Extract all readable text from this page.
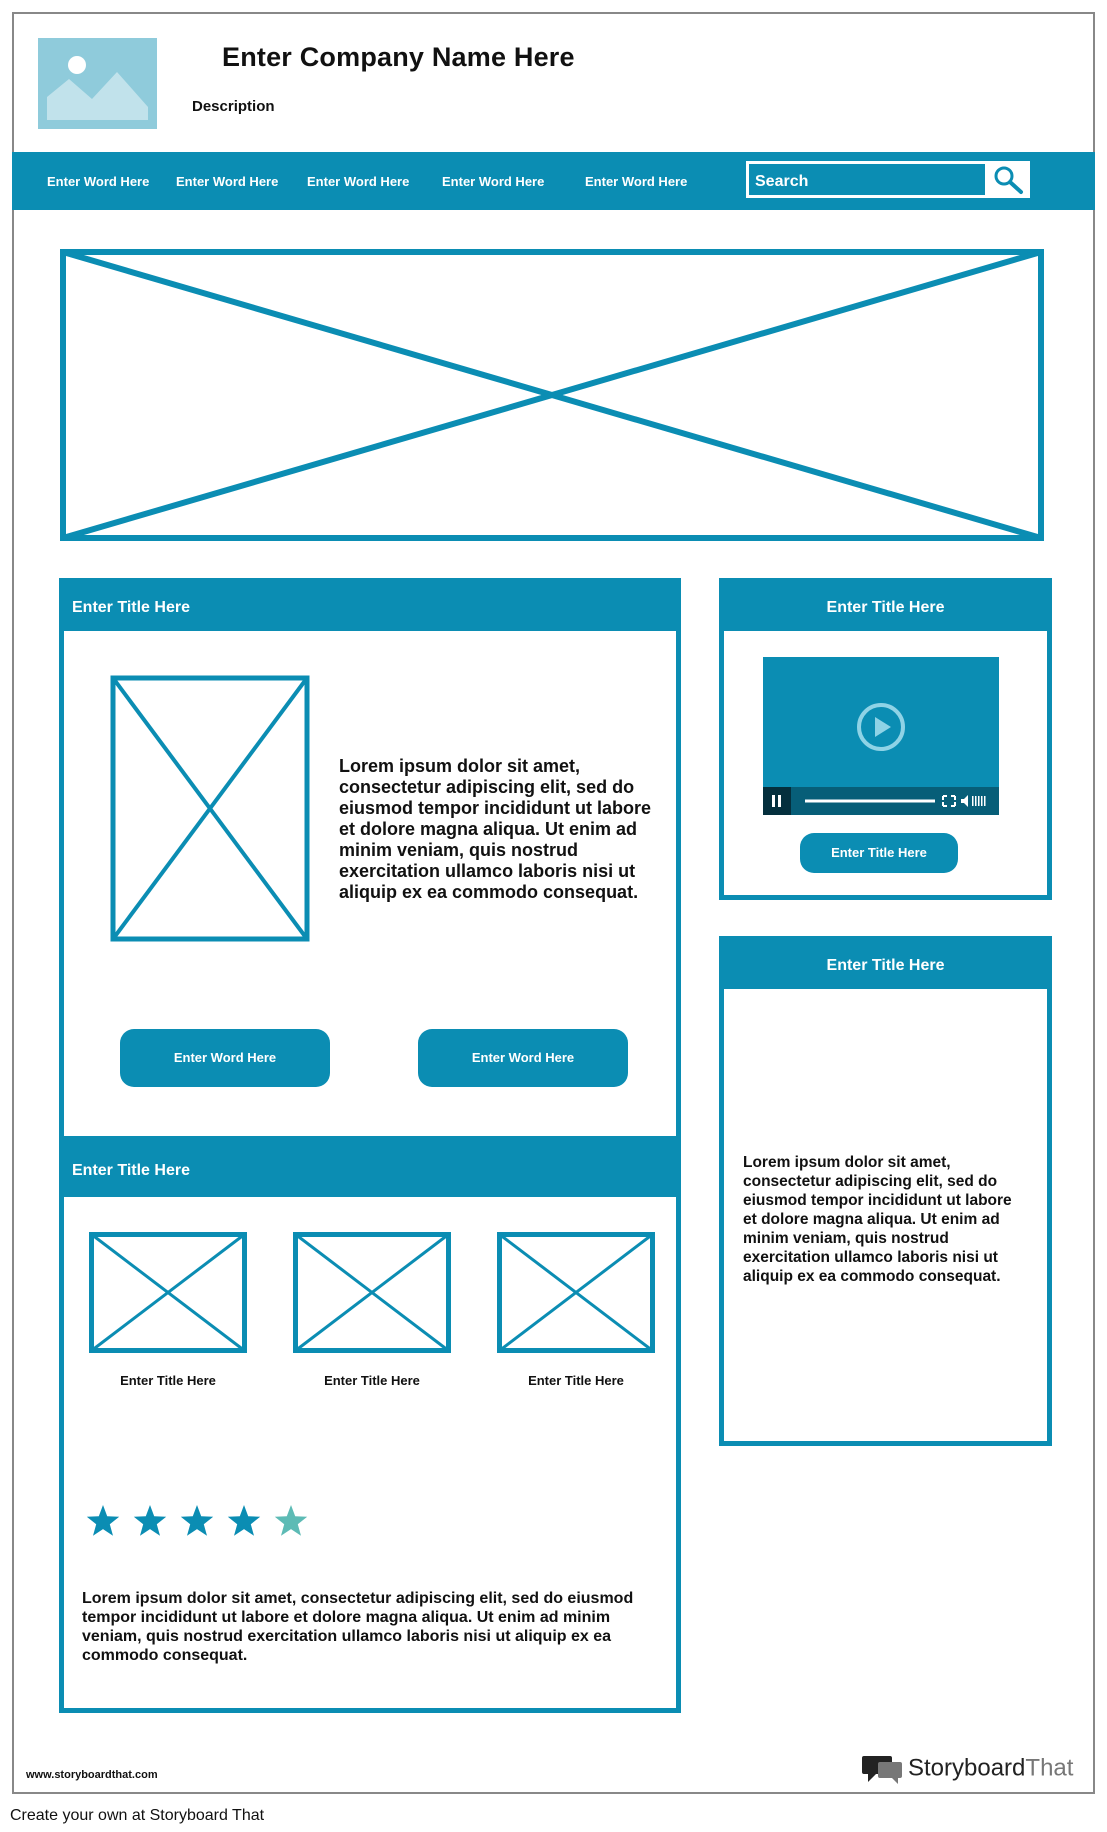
Enter Company Name Here
Description
Enter Word Here Enter Word Here Enter Word Here	Enter Word Here	Enter Word Here	Search
Enter Title Here
Lorem ipsum dolor sit amet, consectetur adipiscing elit, sed do eiusmod tempor incididunt ut labore et dolore magna aliqua. Ut enim ad minim veniam, quis nostrud exercitation ullamco laboris nisi ut aliquip ex ea commodo consequat.
Enter Word Here	Enter Word Here
Enter Title Here
Enter Title Here	Enter Title Here	Enter Title Here
Lorem ipsum dolor sit amet, consectetur adipiscing elit, sed do eiusmod tempor incididunt ut labore et dolore magna aliqua. Ut enim ad minim veniam, quis nostrud exercitation ullamco laboris nisi ut aliquip ex ea commodo consequat.
Enter Title Here
Enter Title Here
Enter Title Here
Lorem ipsum dolor sit amet, consectetur adipiscing elit, sed do eiusmod tempor incididunt ut labore et dolore magna aliqua. Ut enim ad minim veniam, quis nostrud exercitation ullamco laboris nisi ut aliquip ex ea commodo consequat.
www.storyboardthat.com	StoryboardThat
Create your own at Storyboard That
